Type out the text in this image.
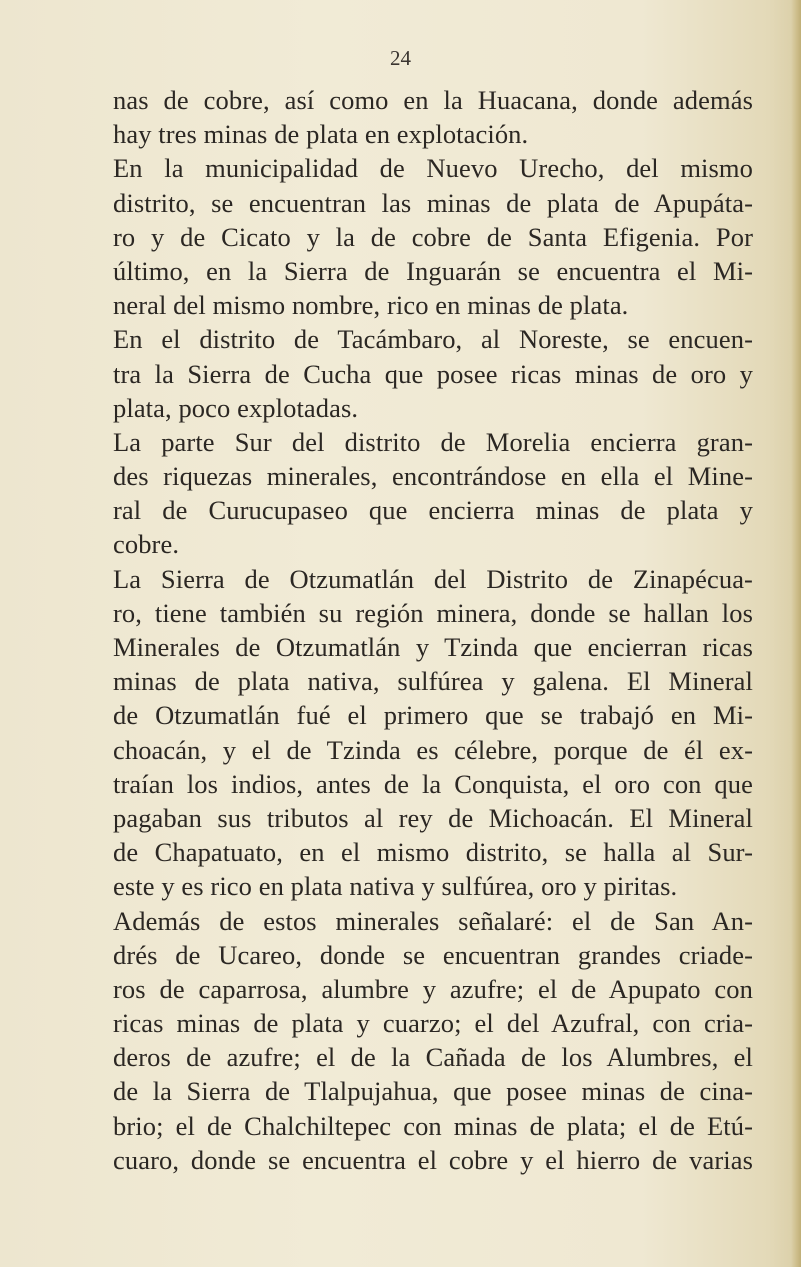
24
nas de cobre, así como en la Huacana, donde además
hay tres minas de plata en explotación.
En la municipalidad de Nuevo Urecho, del mismo
distrito, se encuentran las minas de plata de Apupáta-
ro y de Cicato y la de cobre de Santa Efigenia. Por
último, en la Sierra de Inguarán se encuentra el Mi-
neral del mismo nombre, rico en minas de plata.
En el distrito de Tacámbaro, al Noreste, se encuen-
tra la Sierra de Cucha que posee ricas minas de oro y
plata, poco explotadas.
La parte Sur del distrito de Morelia encierra gran-
des riquezas minerales, encontrándose en ella el Mine-
ral de Curucupaseo que encierra minas de plata y
cobre.
La Sierra de Otzumatlán del Distrito de Zinapécua-
ro, tiene también su región minera, donde se hallan los
Minerales de Otzumatlán y Tzinda que encierran ricas
minas de plata nativa, sulfúrea y galena. El Mineral
de Otzumatlán fué el primero que se trabajó en Mi-
choacán, y el de Tzinda es célebre, porque de él ex-
traían los indios, antes de la Conquista, el oro con que
pagaban sus tributos al rey de Michoacán. El Mineral
de Chapatuato, en el mismo distrito, se halla al Sur-
este y es rico en plata nativa y sulfúrea, oro y piritas.
Además de estos minerales señalaré: el de San An-
drés de Ucareo, donde se encuentran grandes criade-
ros de caparrosa, alumbre y azufre; el de Apupato con
ricas minas de plata y cuarzo; el del Azufral, con cria-
deros de azufre; el de la Cañada de los Alumbres, el
de la Sierra de Tlalpujahua, que posee minas de cina-
brio; el de Chalchiltepec con minas de plata; el de Etú-
cuaro, donde se encuentra el cobre y el hierro de varias
